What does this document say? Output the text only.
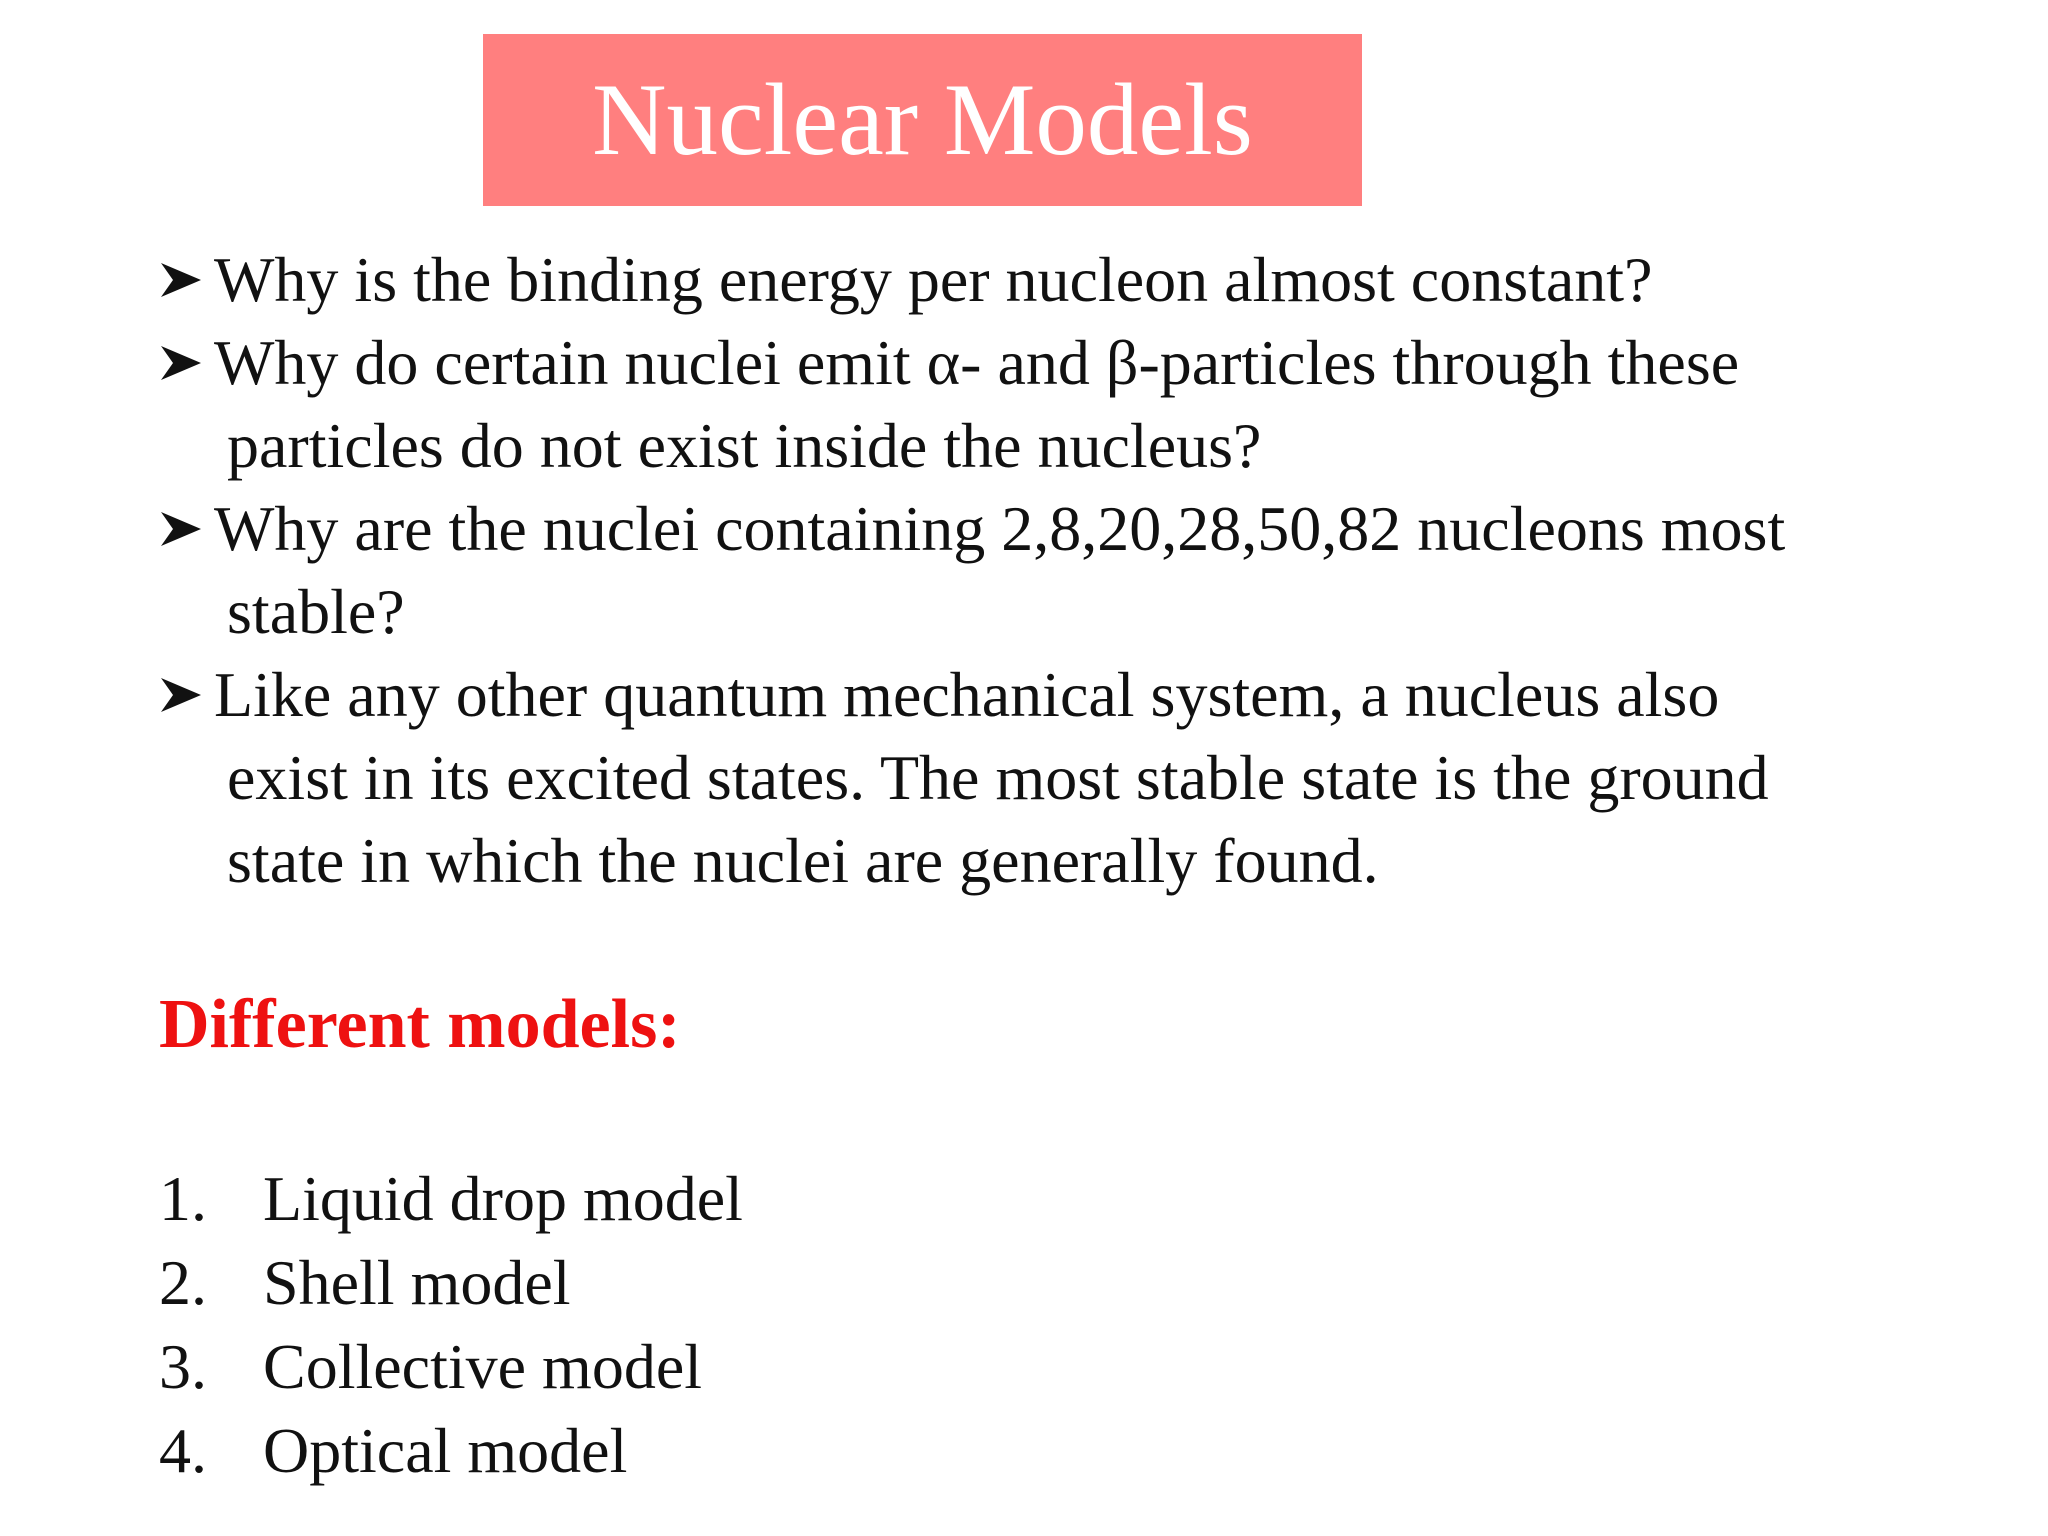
Nuclear Models
Why is the binding energy per nucleon almost constant?
Why do certain nuclei emit α- and β-particles through these
particles do not exist inside the nucleus?
Why are the nuclei containing 2,8,20,28,50,82 nucleons most
stable?
Like any other quantum mechanical system, a nucleus also
exist in its excited states. The most stable state is the ground
state in which the nuclei are generally found.
Different models:
1. Liquid drop model
2. Shell model
3. Collective model
4. Optical model
